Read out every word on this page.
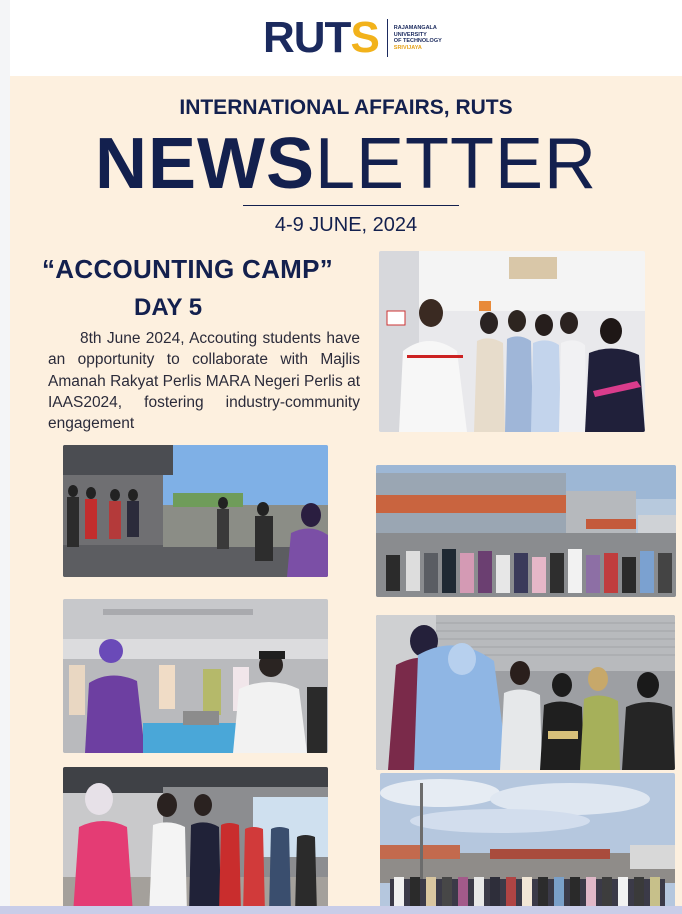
RUTS	RAJAMANGALA
UNIVERSITY
OF TECHNOLOGY
SRIVIJAYA
INTERNATIONAL AFFAIRS, RUTS
NEWSLETTER
4-9 JUNE, 2024
“ACCOUNTING CAMP”
DAY 5
8th June 2024, Accouting students have an opportunity to collaborate with Majlis Amanah Rakyat Perlis MARA Negeri Perlis at IAAS2024, fostering industry-community engagement
